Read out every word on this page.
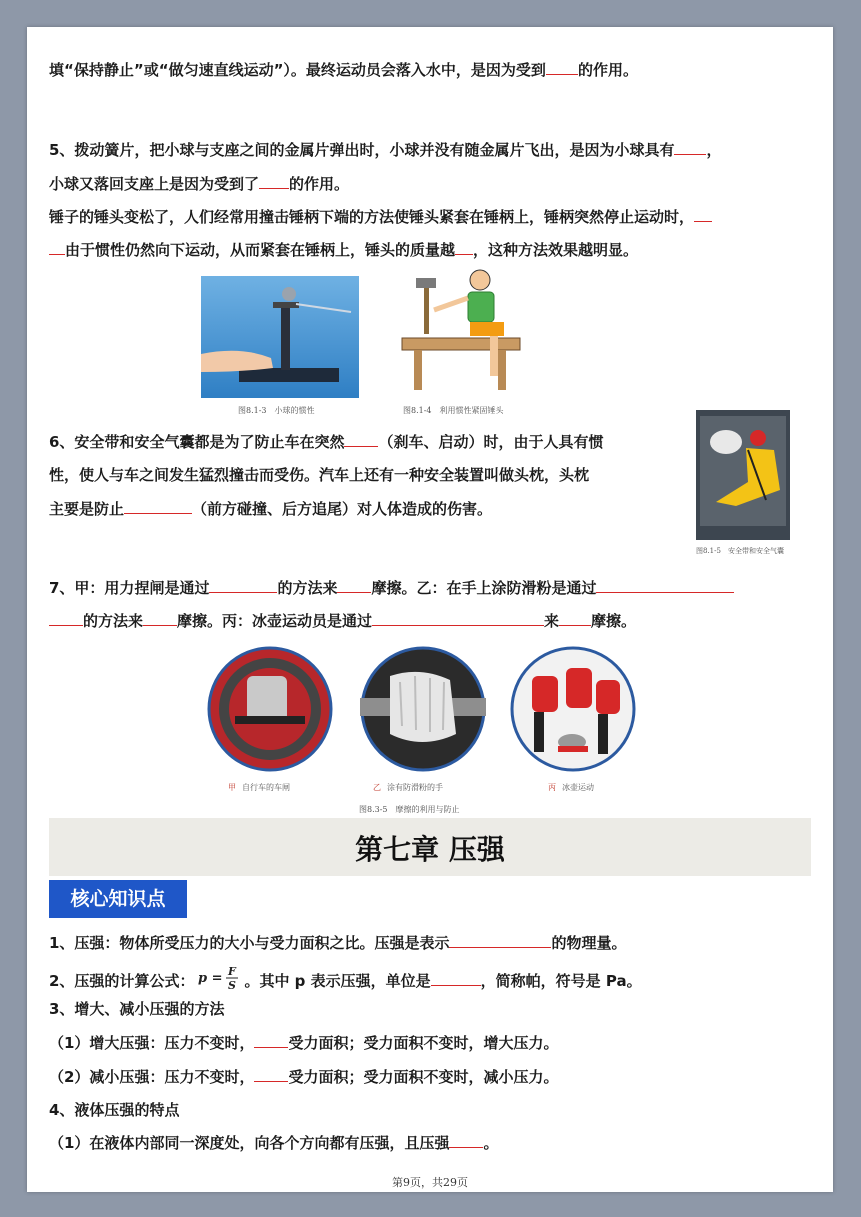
填“保持静止”或“做匀速直线运动”）。最终运动员会落入水中，是因为受到 的作用。
5、拨动簧片，把小球与支座之间的金属片弹出时，小球并没有随金属片飞出，是因为小球具有 ，
小球又落回支座上是因为受到了 的作用。
锤子的锤头变松了，人们经常用撞击锤柄下端的方法使锤头紧套在锤柄上，锤柄突然停止运动时，
由于惯性仍然向下运动，从而紧套在锤柄上，锤头的质量越 ，这种方法效果越明显。
图8.1-3　小球的惯性	图8.1-4　利用惯性紧固锤头
6、安全带和安全气囊都是为了防止车在突然 （刹车、启动）时，由于人具有惯
性，使人与车之间发生猛烈撞击而受伤。汽车上还有一种安全装置叫做头枕，头枕
主要是防止	（前方碰撞、后方追尾）对人体造成的伤害。
图8.1-5　安全带和安全气囊
7、甲：用力捏闸是通过	的方法来 摩擦。乙：在手上涂防滑粉是通过
的方法来 摩擦。丙：冰壶运动员是通过	来 摩擦。
甲 自行车的车闸	乙 涂有防滑粉的手	丙 冰壶运动
图8.3-5　摩擦的利用与防止
第七章 压强
核心知识点
1、压强：物体所受压力的大小与受力面积之比。压强是表示	的物理量。
2、压强的计算公式： p = F
S 。其中 p 表示压强，单位是	，简称帕，符号是 Pa。
3、增大、减小压强的方法
（1）增大压强：压力不变时， 受力面积；受力面积不变时，增大压力。
（2）减小压强：压力不变时， 受力面积；受力面积不变时，减小压力。
4、液体压强的特点
（1）在液体内部同一深度处，向各个方向都有压强，且压强 。
第9页，共29页
